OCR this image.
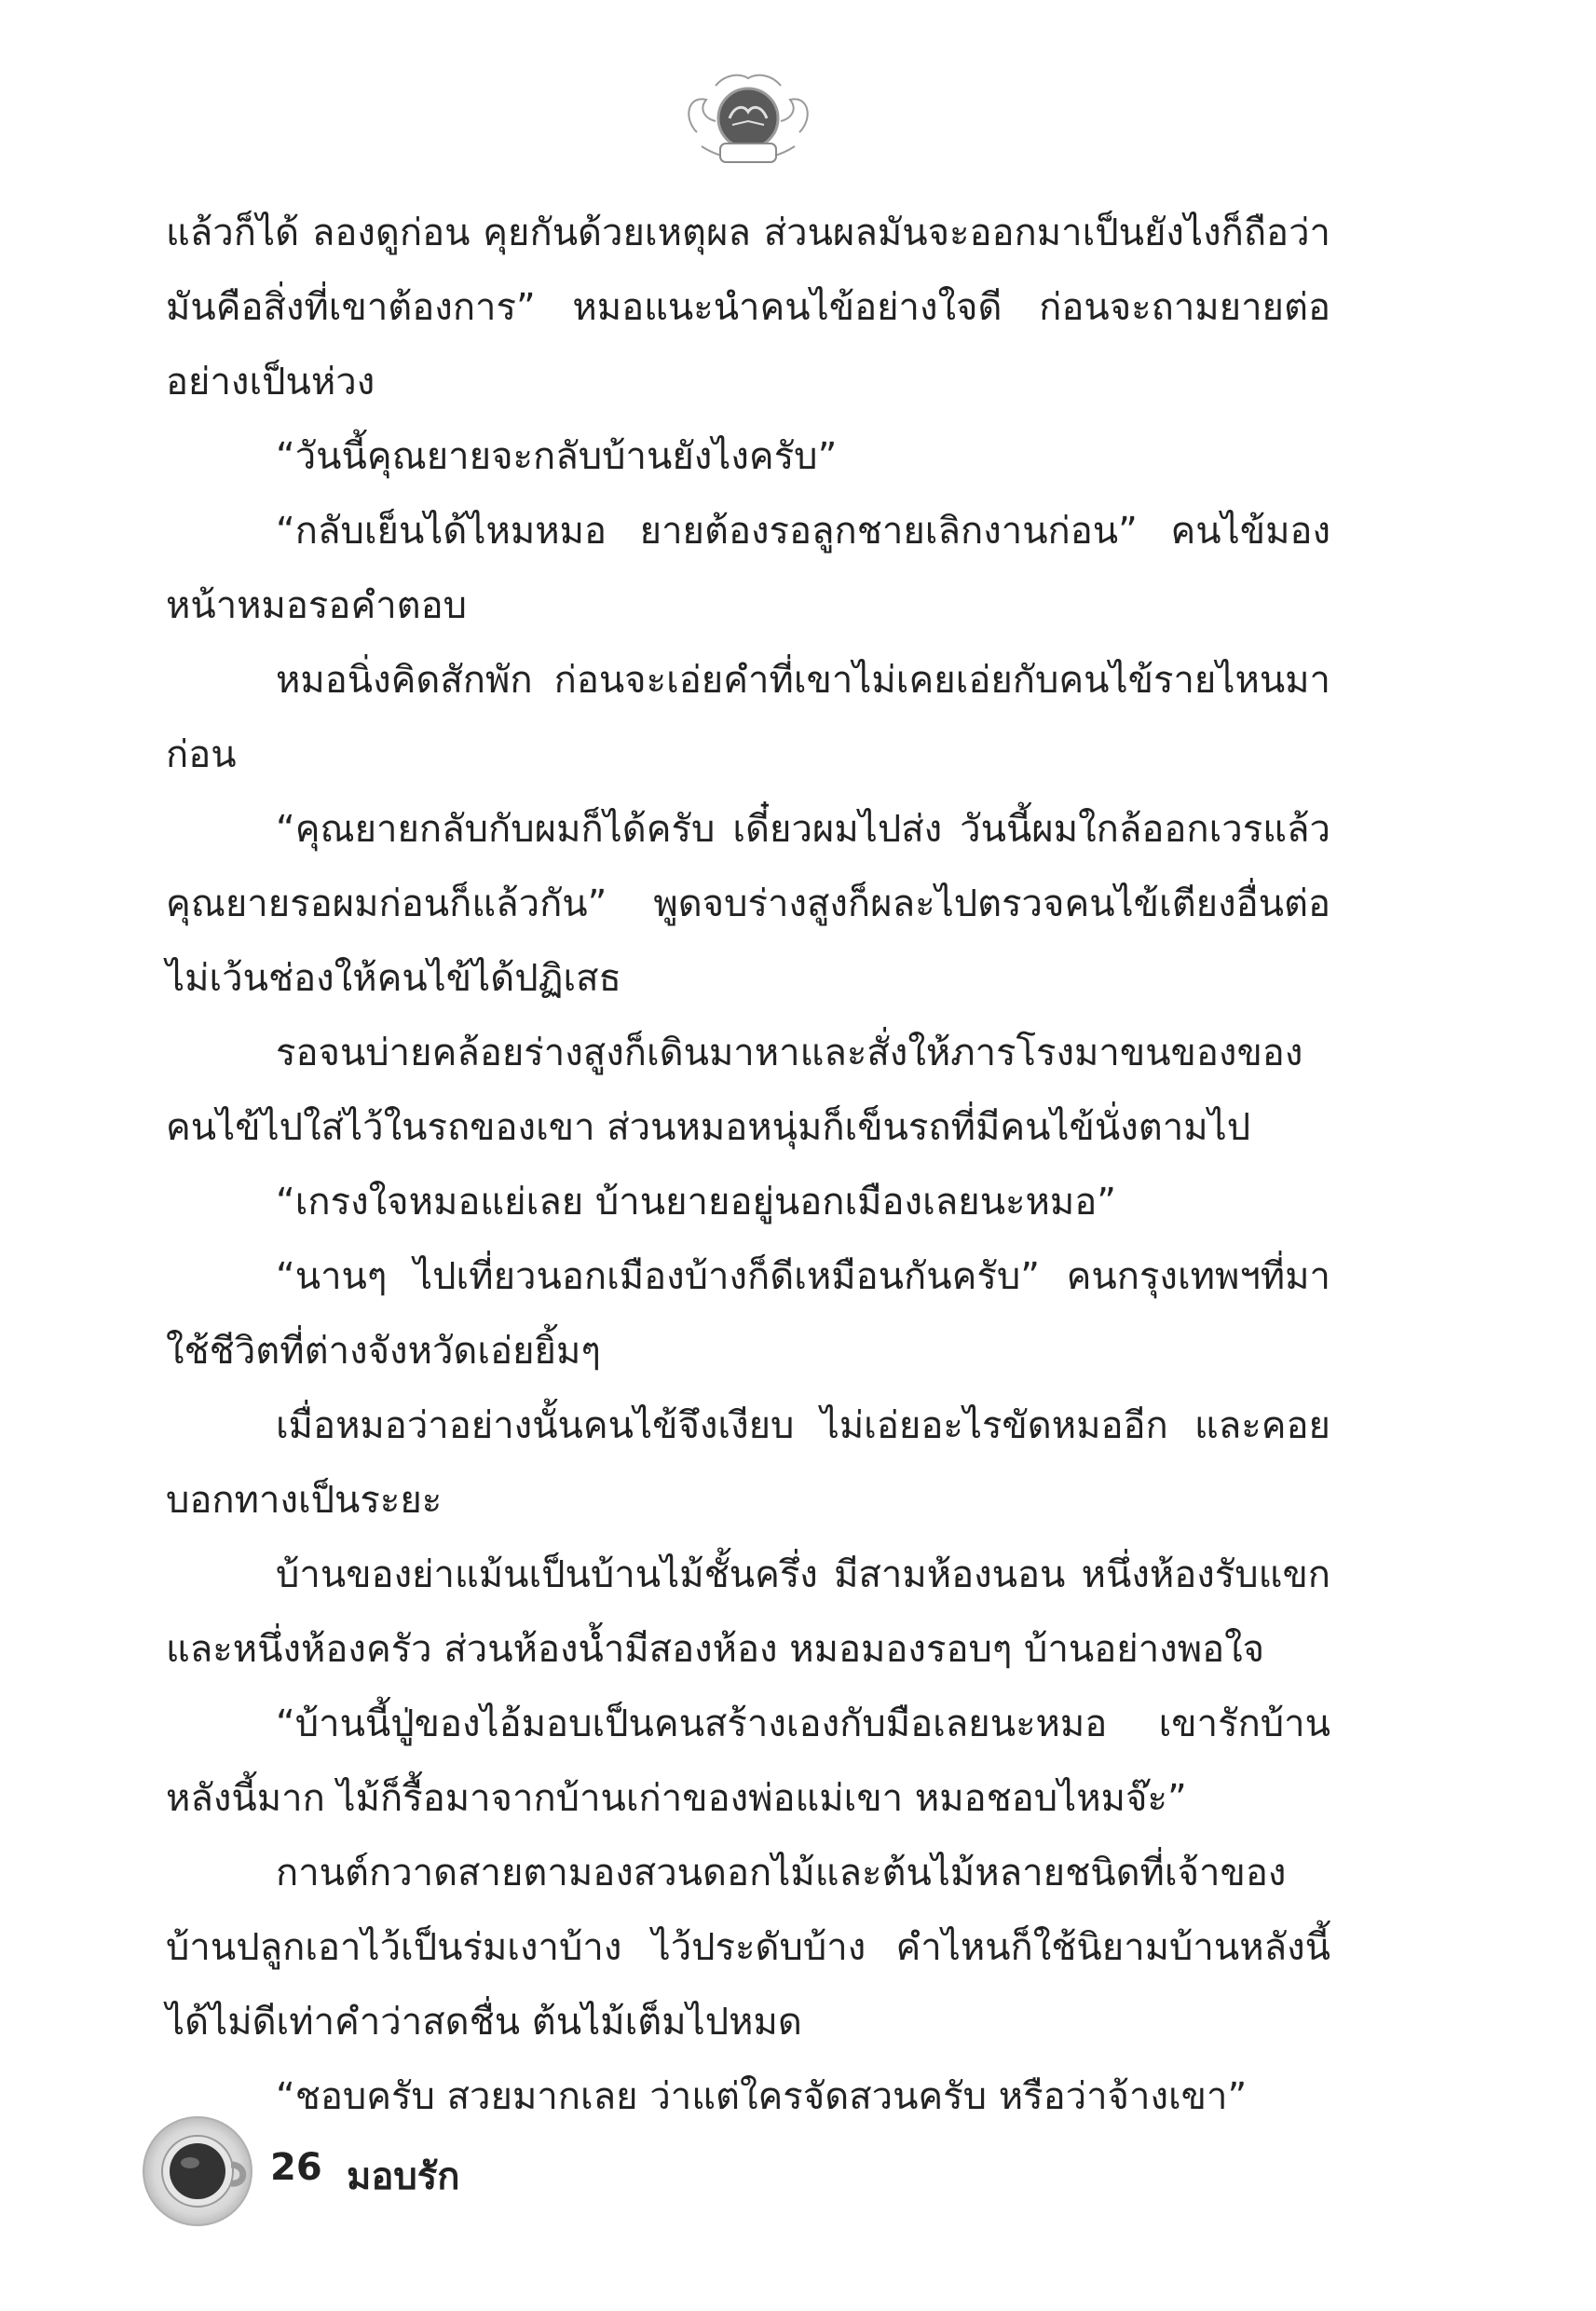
แล้วก็ได้ ลองดูก่อน คุยกันด้วยเหตุผล ส่วนผลมันจะออกมาเป็นยังไงก็ถือว่ามันคือสิ่งที่เขาต้องการ” หมอแนะนำคนไข้อย่างใจดี ก่อนจะถามยายต่ออย่างเป็นห่วง

“วันนี้คุณยายจะกลับบ้านยังไงครับ”

“กลับเย็นได้ไหมหมอ ยายต้องรอลูกชายเลิกงานก่อน” คนไข้มองหน้าหมอรอคำตอบ

หมอนิ่งคิดสักพัก ก่อนจะเอ่ยคำที่เขาไม่เคยเอ่ยกับคนไข้รายไหนมาก่อน

“คุณยายกลับกับผมก็ได้ครับ เดี๋ยวผมไปส่ง วันนี้ผมใกล้ออกเวรแล้ว คุณยายรอผมก่อนก็แล้วกัน” พูดจบร่างสูงก็ผละไปตรวจคนไข้เตียงอื่นต่อ ไม่เว้นช่องให้คนไข้ได้ปฏิเสธ

รอจนบ่ายคล้อยร่างสูงก็เดินมาหาและสั่งให้ภารโรงมาขนของของคนไข้ไปใส่ไว้ในรถของเขา ส่วนหมอหนุ่มก็เข็นรถที่มีคนไข้นั่งตามไป

“เกรงใจหมอแย่เลย บ้านยายอยู่นอกเมืองเลยนะหมอ”

“นานๆ ไปเที่ยวนอกเมืองบ้างก็ดีเหมือนกันครับ” คนกรุงเทพฯที่มาใช้ชีวิตที่ต่างจังหวัดเอ่ยยิ้มๆ

เมื่อหมอว่าอย่างนั้นคนไข้จึงเงียบ ไม่เอ่ยอะไรขัดหมออีก และคอยบอกทางเป็นระยะ

บ้านของย่าแม้นเป็นบ้านไม้ชั้นครึ่ง มีสามห้องนอน หนึ่งห้องรับแขกและหนึ่งห้องครัว ส่วนห้องน้ำมีสองห้อง หมอมองรอบๆ บ้านอย่างพอใจ

“บ้านนี้ปู่ของไอ้มอบเป็นคนสร้างเองกับมือเลยนะหมอ เขารักบ้านหลังนี้มาก ไม้ก็รื้อมาจากบ้านเก่าของพ่อแม่เขา หมอชอบไหมจ๊ะ”

กานต์กวาดสายตามองสวนดอกไม้และต้นไม้หลายชนิดที่เจ้าของบ้านปลูกเอาไว้เป็นร่มเงาบ้าง ไว้ประดับบ้าง คำไหนก็ใช้นิยามบ้านหลังนี้ได้ไม่ดีเท่าคำว่าสดชื่น ต้นไม้เต็มไปหมด

“ชอบครับ สวยมากเลย ว่าแต่ใครจัดสวนครับ หรือว่าจ้างเขา”

26 มอบรัก
